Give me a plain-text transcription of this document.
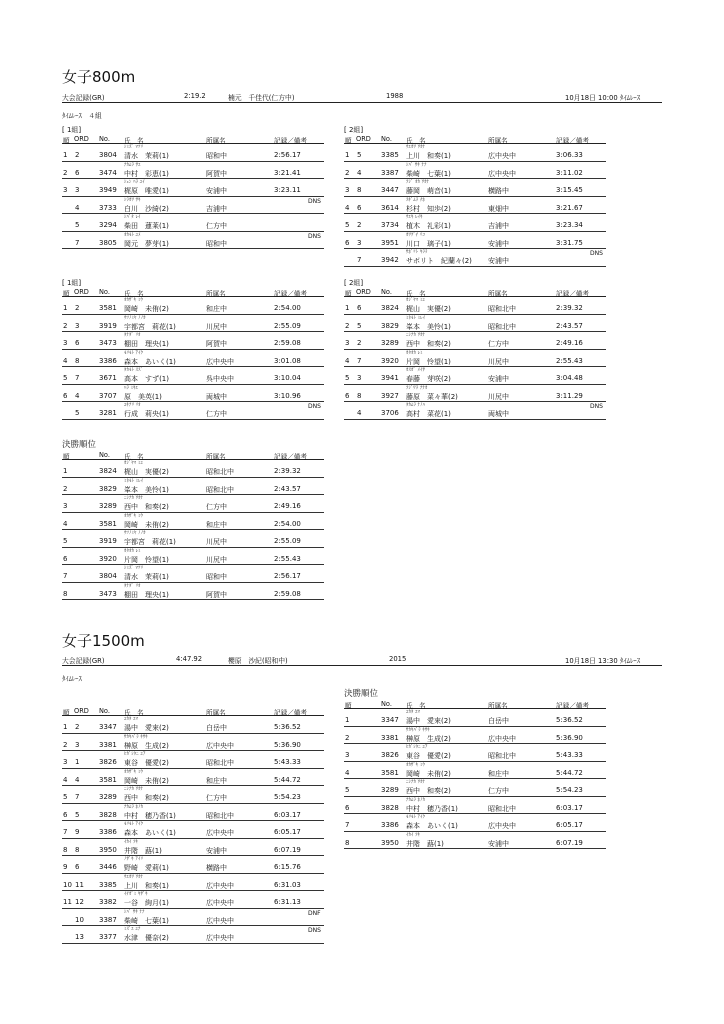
女子800m
大会記録(GR)	2:19.2	楠元　千佳代(仁方中)	1988	10月18日 10:00 ﾀｲﾑﾚｰｽ
ﾀｲﾑﾚｰｽ　４組
[ 1組]
順 ORD No. 氏　名	所属名	記録／備考
ｼﾐｽﾞ ﾏﾂﾘ
1 2	3804 清水　茉莉(1)	昭和中	2:56.17
ﾅｶﾑﾗ ｻｴ
2 6	3474 中村　彩恵(1)	阿賀中	3:21.41
ｼｭﾝ ﾊﾗ ﾕｲ
3 3	3949 梶原　唯愛(1)	安浦中	3:23.11
ｼﾗｶﾜ ｻｷ
4	3733 白川　沙綺(2)	吉浦中
DNS
ｼﾊﾞﾀ ﾚｲ
5	3294 柴田　蓮莱(1)	仁方中
ｵｶﾓﾄ ﾕﾒ
7	3805 岡元　夢芽(1)	昭和中
DNS
[ 2組]
順 ORD No. 氏　名	所属名	記録／備考
ｳｴｶﾜ ﾜｶﾅ
1 5	3385 上川　和奏(1)	広中央中	3:06.33
ｼﾊﾞ ｻｷ ﾅﾅ
2 4	3387 柴崎　七葉(1)	広中央中	3:11.02
ﾌｼﾞ ｵｶ ﾜｶﾅ
3 8	3447 藤岡　萌音(1)	横路中	3:15.45
ｽｷﾞﾑﾗ ﾁﾎ
4 6	3614 杉村　知歩(2)	東畑中	3:21.67
ｳｴｷ ﾚｲｷ
5 2	3734 植木　礼彩(1)	吉浦中	3:23.34
ｶﾜｸﾞﾁ ﾘｺ
6 3	3951 川口　璃子(1)	安浦中	3:31.75
ｻﾎﾞﾘﾄ ｷﾗﾗ
7	3942 サボリト　紀蘭々(2) 安浦中
DNS
[ 1組]
順 ORD No. 氏　名	所属名	記録／備考
ｵｶｻﾞｷ ﾐｳ
1 2	3581 岡崎　未侑(2)	和庄中	2:54.00
ｳﾂﾉﾐﾔ ﾉﾉｶ
2 3	3919 宇都宮　莉花(1)	川尻中	2:55.09
ﾀﾅﾀﾞ ﾘｵ
3 6	3473 棚田　理央(1)	阿賀中	2:59.08
ﾓﾘﾓﾄ ｱｲｸ
4 8	3386 森本　あいく(1)	広中央中	3:01.08
ﾀｶﾓﾄ ｽｽﾞ
5 7	3671 高本　すず(1)	呉中央中	3:10.04
ﾊﾗ ﾐｷｴ
6 4	3707 原　美英(1)	両城中	3:10.96
ﾕｷﾅﾘ ﾘｵ
5	3281 行成　莉央(1)	仁方中
DNS
[ 2組]
順 ORD No. 氏　名	所属名	記録／備考
ｶｼﾞﾔﾏ ﾐﾕ
1 6	3824 梶山　実優(2)	昭和北中	2:39.32
ﾐﾈﾓﾄ ﾐﾚｲ
2 5	3829 峯本　美怜(1)	昭和北中	2:43.57
ﾆｼﾅｶ ﾜｶﾅ
3 2	3289 西中　和奏(2)	仁方中	2:49.16
ｶﾀｵｶ ﾚﾐ
4 7	3920 片岡　怜望(1)	川尻中	2:55.43
ｶｽｶﾞ ﾒｲｻ
5 3	3941 春藤　芽咲(2)	安浦中	3:04.48
ﾌｼﾞﾜﾗ ﾅﾅｶ
6 8	3927 藤原　菜々華(2)	川尻中	3:11.29
ﾀｶﾑﾗ ﾅﾉﾊ
4	3706 高村　菜花(1)	両城中
DNS
決勝順位
順	No. 氏　名	所属名	記録／備考
ｶｼﾞﾔﾏ ﾐﾕ
1	3824 梶山　実優(2)	昭和北中	2:39.32
ﾐﾈﾓﾄ ﾐﾚｲ
2	3829 峯本　美怜(1)	昭和北中	2:43.57
ﾆｼﾅｶ ﾜｶﾅ
3	3289 西中　和奏(2)	仁方中	2:49.16
ｵｶｻﾞｷ ﾐｳ
4	3581 岡崎　未侑(2)	和庄中	2:54.00
ｳﾂﾉﾐﾔ ﾉﾉｶ
5	3919 宇都宮　莉花(1)	川尻中	2:55.09
ｶﾀｵｶ ﾚﾐ
6	3920 片岡　怜望(1)	川尻中	2:55.43
ｼﾐｽﾞ ﾏﾂﾘ
7	3804 清水　茉莉(1)	昭和中	2:56.17
ﾀﾅﾀﾞ ﾘｵ
8	3473 棚田　理央(1)	阿賀中	2:59.08
女子1500m
大会記録(GR)	4:47.92	櫻原　沙紀(昭和中)	2015	10月18日 13:30 ﾀｲﾑﾚｰｽ
ﾀｲﾑﾚｰｽ
順 ORD No. 氏　名	所属名	記録／備考
ﾕｶﾀ ｴﾏ
1 2	3347 湯中　愛來(2)	白岳中	5:36.52
ｻｶｷﾊﾞﾗ ｷｻｷ
2 3	3381 榊原　生成(2)	広中央中	5:36.90
ﾋｶﾞｼﾀﾆ ﾕｱ
3 1	3826 東谷　優愛(2)	昭和北中	5:43.33
ｵｶｻﾞｷ ﾐｳ
4 4	3581 岡崎　未侑(2)	和庄中	5:44.72
ﾆｼﾅｶ ﾜｶﾅ
5 7	3289 西中　和奏(2)	仁方中	5:54.23
ﾅｶﾑﾗ ﾎﾉｶ
6 5	3828 中村　穂乃香(1)	昭和北中	6:03.17
ﾓﾘﾓﾄ ｱｲｸ
7 9	3386 森本　あいく(1)	広中央中	6:05.17
ｲｶｲ ﾌｷ
8 8	3950 井階　蕗(1)	安浦中	6:07.19
ﾉｻﾞｷ ｱｲﾘ
9 6	3446 野崎　愛莉(1)	横路中	6:15.76
ｳｴｶﾜ ﾜｶﾅ
10 11 3385 上川　和奏(1)	広中央中	6:31.03
ｲﾁｶﾞﾐ ｷｻﾞｷ
11 12 3382 一谷　絢月(1)	広中央中	6:31.13
ｼﾊﾞ ｻｷ ﾅﾅ
10 3387 柴崎　七葉(1)	広中央中
DNF
ﾐｽﾞｴ ﾕﾅ
13 3377 水津　優奈(2)	広中央中
DNS
決勝順位
順	No. 氏　名	所属名	記録／備考
ﾕｶﾀ ｴﾏ
1	3347 湯中　愛來(2)	白岳中	5:36.52
ｻｶｷﾊﾞﾗ ｷｻｷ
2	3381 榊原　生成(2)	広中央中	5:36.90
ﾋｶﾞｼﾀﾆ ﾕｱ
3	3826 東谷　優愛(2)	昭和北中	5:43.33
ｵｶｻﾞｷ ﾐｳ
4	3581 岡崎　未侑(2)	和庄中	5:44.72
ﾆｼﾅｶ ﾜｶﾅ
5	3289 西中　和奏(2)	仁方中	5:54.23
ﾅｶﾑﾗ ﾎﾉｶ
6	3828 中村　穂乃香(1)	昭和北中	6:03.17
ﾓﾘﾓﾄ ｱｲｸ
7	3386 森本　あいく(1)	広中央中	6:05.17
ｲｶｲ ﾌｷ
8	3950 井階　蕗(1)	安浦中	6:07.19
